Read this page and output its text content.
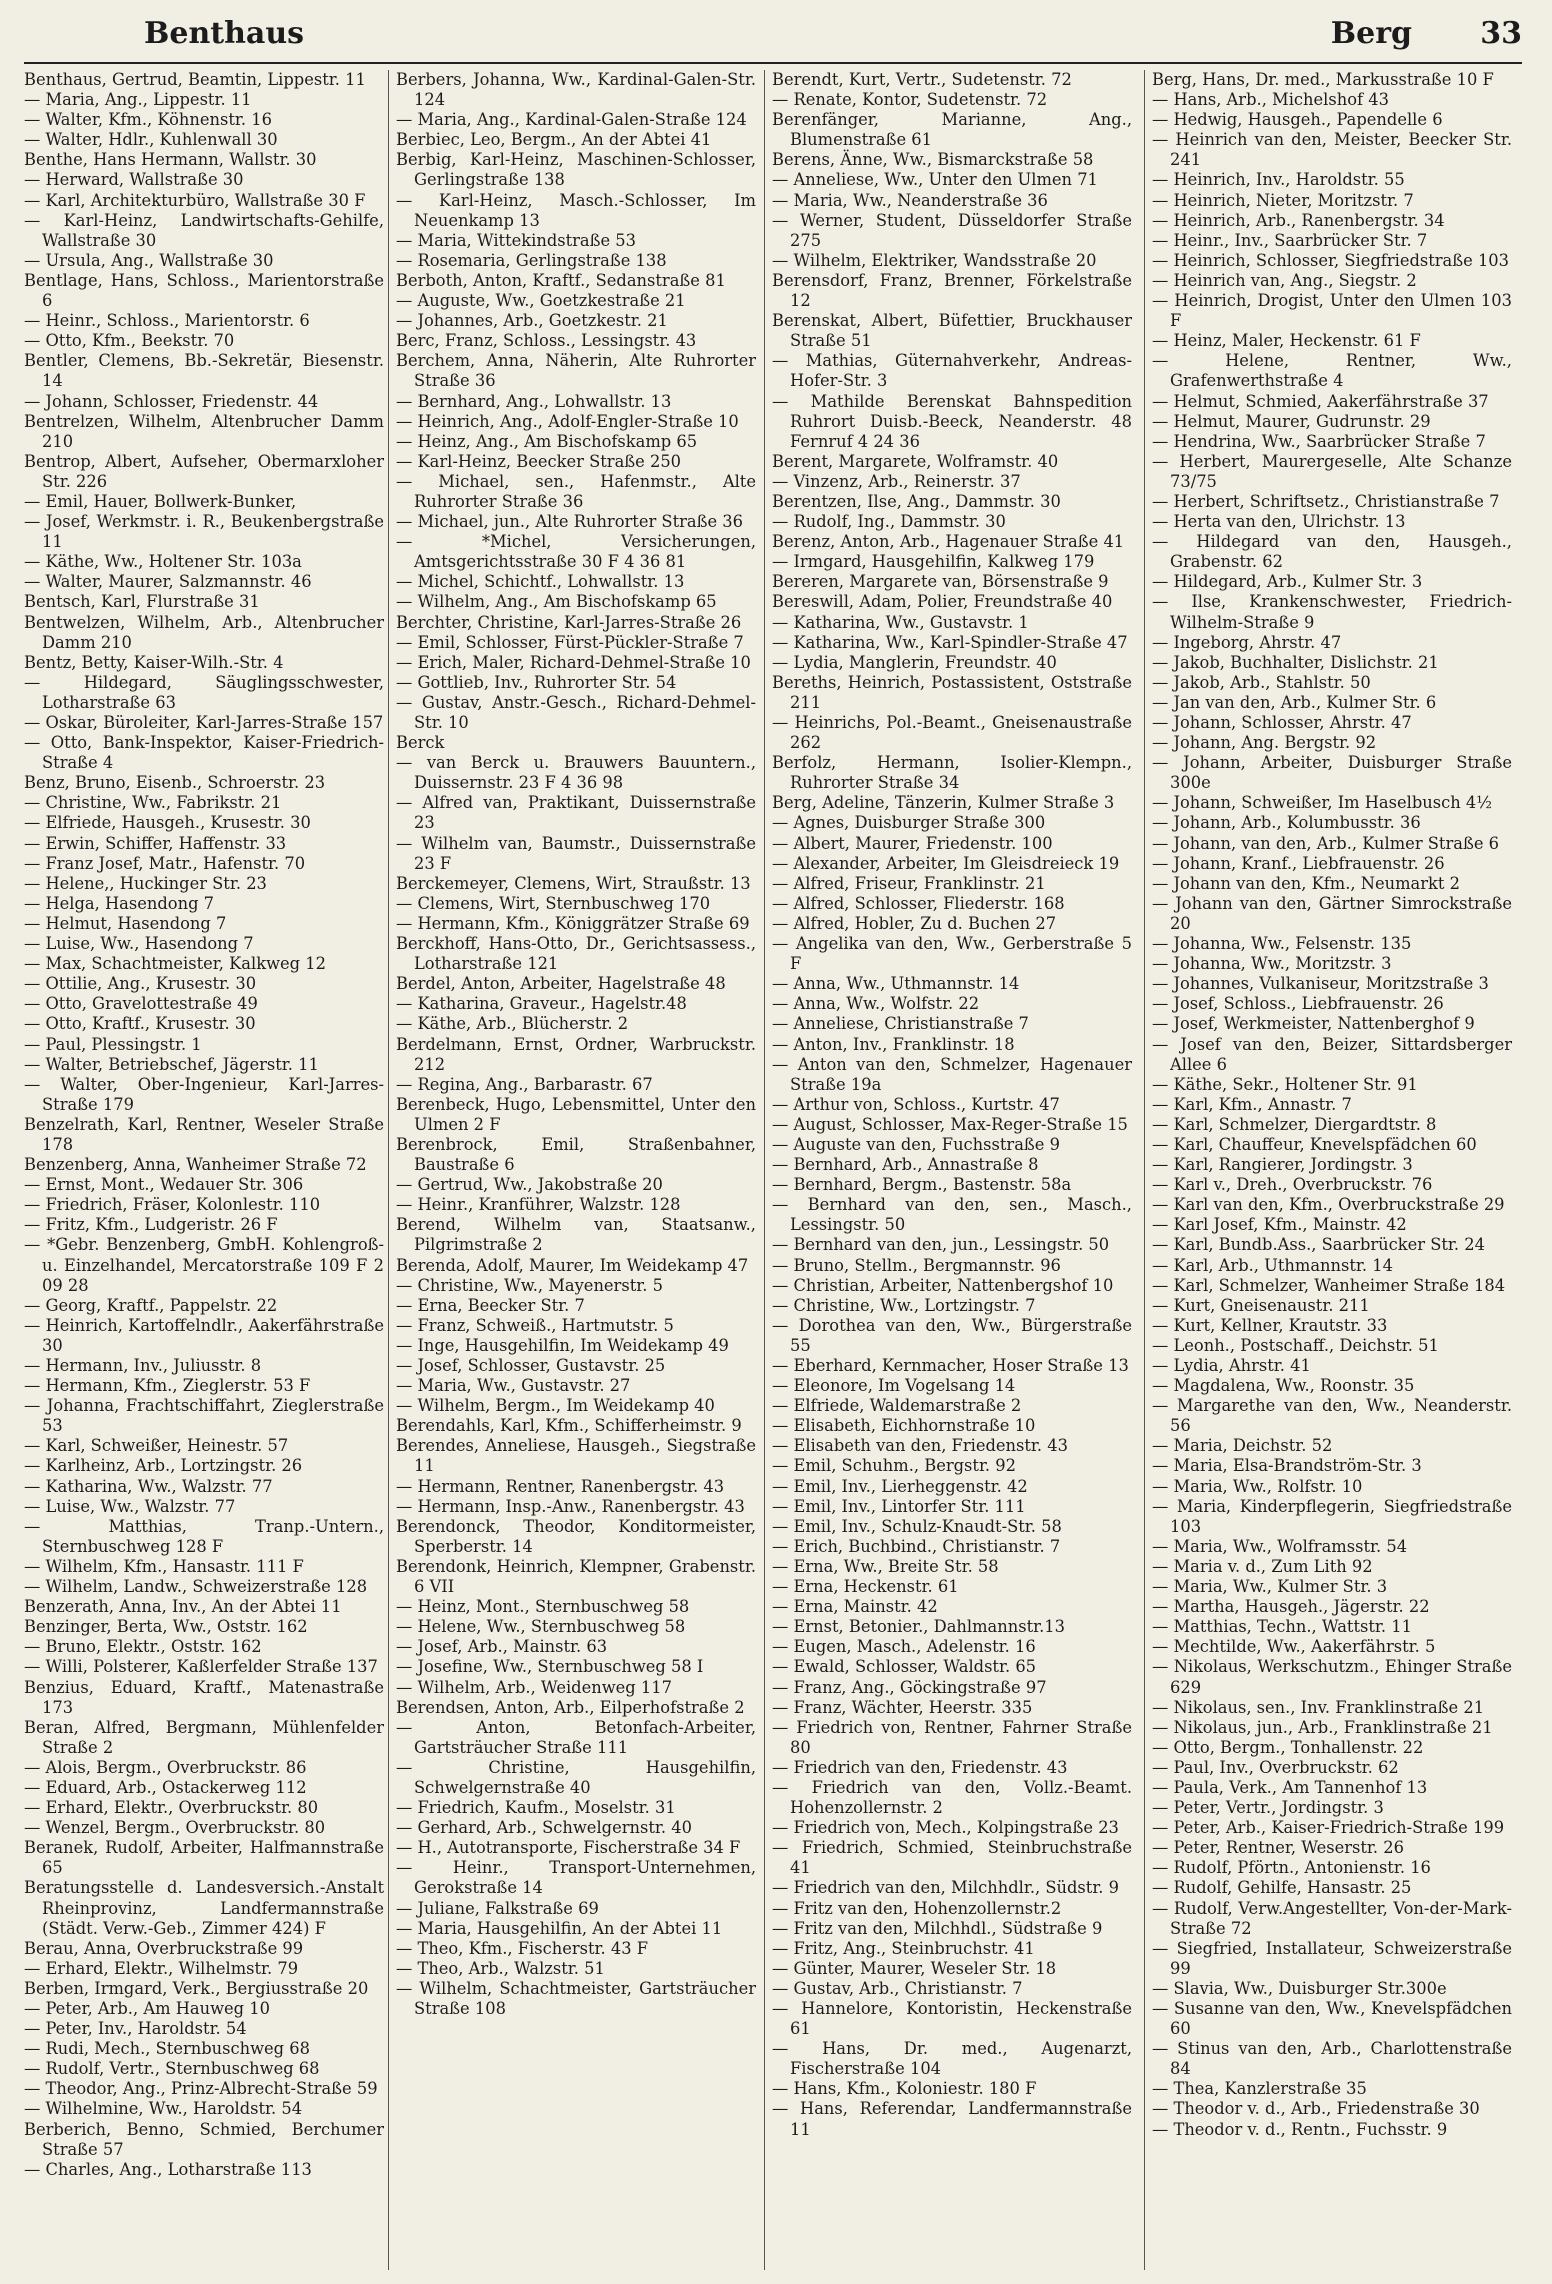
Benthaus	Berg 33
Benthaus, Gertrud, Beamtin, Lippestr. 11
— Maria, Ang., Lippestr. 11
— Walter, Kfm., Köhnenstr. 16
— Walter, Hdlr., Kuhlenwall 30
Benthe, Hans Hermann, Wallstr. 30
— Herward, Wallstraße 30
— Karl, Architekturbüro, Wallstraße 30 F
— Karl-Heinz, Landwirtschafts-Gehilfe, Wallstraße 30
— Ursula, Ang., Wallstraße 30
Bentlage, Hans, Schloss., Marientorstraße 6
— Heinr., Schloss., Marientorstr. 6
— Otto, Kfm., Beekstr. 70
Bentler, Clemens, Bb.-Sekretär, Biesenstr. 14
— Johann, Schlosser, Friedenstr. 44
Bentrelzen, Wilhelm, Altenbrucher Damm 210
Bentrop, Albert, Aufseher, Obermarxloher Str. 226
— Emil, Hauer, Bollwerk-Bunker,
— Josef, Werkmstr. i. R., Beukenbergstraße 11
— Käthe, Ww., Holtener Str. 103a
— Walter, Maurer, Salzmannstr. 46
Bentsch, Karl, Flurstraße 31
Bentwelzen, Wilhelm, Arb., Altenbrucher Damm 210
Bentz, Betty, Kaiser-Wilh.-Str. 4
— Hildegard, Säuglingsschwester, Lotharstraße 63
— Oskar, Büroleiter, Karl-Jarres-Straße 157
— Otto, Bank-Inspektor, Kaiser-Friedrich-Straße 4
Benz, Bruno, Eisenb., Schroerstr. 23
— Christine, Ww., Fabrikstr. 21
— Elfriede, Hausgeh., Krusestr. 30
— Erwin, Schiffer, Haffenstr. 33
— Franz Josef, Matr., Hafenstr. 70
— Helene,, Huckinger Str. 23
— Helga, Hasendong 7
— Helmut, Hasendong 7
— Luise, Ww., Hasendong 7
— Max, Schachtmeister, Kalkweg 12
— Ottilie, Ang., Krusestr. 30
— Otto, Gravelottestraße 49
— Otto, Kraftf., Krusestr. 30
— Paul, Plessingstr. 1
— Walter, Betriebschef, Jägerstr. 11
— Walter, Ober-Ingenieur, Karl-Jarres-Straße 179
Benzelrath, Karl, Rentner, Weseler Straße 178
Benzenberg, Anna, Wanheimer Straße 72
— Ernst, Mont., Wedauer Str. 306
— Friedrich, Fräser, Kolonlestr. 110
— Fritz, Kfm., Ludgeristr. 26 F
— *Gebr. Benzenberg, GmbH. Kohlengroß- u. Einzelhandel, Mercatorstraße 109 F 2 09 28
— Georg, Kraftf., Pappelstr. 22
— Heinrich, Kartoffelndlr., Aakerfährstraße 30
— Hermann, Inv., Juliusstr. 8
— Hermann, Kfm., Zieglerstr. 53 F
— Johanna, Frachtschiffahrt, Zieglerstraße 53
— Karl, Schweißer, Heinestr. 57
— Karlheinz, Arb., Lortzingstr. 26
— Katharina, Ww., Walzstr. 77
— Luise, Ww., Walzstr. 77
— Matthias, Tranp.-Untern., Sternbuschweg 128 F
— Wilhelm, Kfm., Hansastr. 111 F
— Wilhelm, Landw., Schweizerstraße 128
Benzerath, Anna, Inv., An der Abtei 11
Benzinger, Berta, Ww., Oststr. 162
— Bruno, Elektr., Oststr. 162
— Willi, Polsterer, Kaßlerfelder Straße 137
Benzius, Eduard, Kraftf., Matenastraße 173
Beran, Alfred, Bergmann, Mühlenfelder Straße 2
— Alois, Bergm., Overbruckstr. 86
— Eduard, Arb., Ostackerweg 112
— Erhard, Elektr., Overbruckstr. 80
— Wenzel, Bergm., Overbruckstr. 80
Beranek, Rudolf, Arbeiter, Halfmannstraße 65
Beratungsstelle d. Landesversich.-Anstalt Rheinprovinz, Landfermannstraße (Städt. Verw.-Geb., Zimmer 424) F
Berau, Anna, Overbruckstraße 99
— Erhard, Elektr., Wilhelmstr. 79
Berben, Irmgard, Verk., Bergiusstraße 20
— Peter, Arb., Am Hauweg 10
— Peter, Inv., Haroldstr. 54
— Rudi, Mech., Sternbuschweg 68
— Rudolf, Vertr., Sternbuschweg 68
— Theodor, Ang., Prinz-Albrecht-Straße 59
— Wilhelmine, Ww., Haroldstr. 54
Berberich, Benno, Schmied, Berchumer Straße 57
— Charles, Ang., Lotharstraße 113
Berbers, Johanna, Ww., Kardinal-Galen-Str. 124
— Maria, Ang., Kardinal-Galen-Straße 124
Berbiec, Leo, Bergm., An der Abtei 41
Berbig, Karl-Heinz, Maschinen-Schlosser, Gerlingstraße 138
— Karl-Heinz, Masch.-Schlosser, Im Neuenkamp 13
— Maria, Wittekindstraße 53
— Rosemaria, Gerlingstraße 138
Berboth, Anton, Kraftf., Sedanstraße 81
— Auguste, Ww., Goetzkestraße 21
— Johannes, Arb., Goetzkestr. 21
Berc, Franz, Schloss., Lessingstr. 43
Berchem, Anna, Näherin, Alte Ruhrorter Straße 36
— Bernhard, Ang., Lohwallstr. 13
— Heinrich, Ang., Adolf-Engler-Straße 10
— Heinz, Ang., Am Bischofskamp 65
— Karl-Heinz, Beecker Straße 250
— Michael, sen., Hafenmstr., Alte Ruhrorter Straße 36
— Michael, jun., Alte Ruhrorter Straße 36
— *Michel, Versicherungen, Amtsgerichtsstraße 30 F 4 36 81
— Michel, Schichtf., Lohwallstr. 13
— Wilhelm, Ang., Am Bischofskamp 65
Berchter, Christine, Karl-Jarres-Straße 26
— Emil, Schlosser, Fürst-Pückler-Straße 7
— Erich, Maler, Richard-Dehmel-Straße 10
— Gottlieb, Inv., Ruhrorter Str. 54
— Gustav, Anstr.-Gesch., Richard-Dehmel-Str. 10
Berck
— van Berck u. Brauwers Bauuntern., Duissernstr. 23 F 4 36 98
— Alfred van, Praktikant, Duissernstraße 23
— Wilhelm van, Baumstr., Duissernstraße 23 F
Berckemeyer, Clemens, Wirt, Straußstr. 13
— Clemens, Wirt, Sternbuschweg 170
— Hermann, Kfm., Königgrätzer Straße 69
Berckhoff, Hans-Otto, Dr., Gerichtsassess., Lotharstraße 121
Berdel, Anton, Arbeiter, Hagelstraße 48
— Katharina, Graveur., Hagelstr.48
— Käthe, Arb., Blücherstr. 2
Berdelmann, Ernst, Ordner, Warbruckstr. 212
— Regina, Ang., Barbarastr. 67
Berenbeck, Hugo, Lebensmittel, Unter den Ulmen 2 F
Berenbrock, Emil, Straßenbahner, Baustraße 6
— Gertrud, Ww., Jakobstraße 20
— Heinr., Kranführer, Walzstr. 128
Berend, Wilhelm van, Staatsanw., Pilgrimstraße 2
Berenda, Adolf, Maurer, Im Weidekamp 47
— Christine, Ww., Mayenerstr. 5
— Erna, Beecker Str. 7
— Franz, Schweiß., Hartmutstr. 5
— Inge, Hausgehilfin, Im Weidekamp 49
— Josef, Schlosser, Gustavstr. 25
— Maria, Ww., Gustavstr. 27
— Wilhelm, Bergm., Im Weidekamp 40
Berendahls, Karl, Kfm., Schifferheimstr. 9
Berendes, Anneliese, Hausgeh., Siegstraße 11
— Hermann, Rentner, Ranenbergstr. 43
— Hermann, Insp.-Anw., Ranenbergstr. 43
Berendonck, Theodor, Konditormeister, Sperberstr. 14
Berendonk, Heinrich, Klempner, Grabenstr. 6 VII
— Heinz, Mont., Sternbuschweg 58
— Helene, Ww., Sternbuschweg 58
— Josef, Arb., Mainstr. 63
— Josefine, Ww., Sternbuschweg 58 I
— Wilhelm, Arb., Weidenweg 117
Berendsen, Anton, Arb., Eilperhofstraße 2
— Anton, Betonfach-Arbeiter, Gartsträucher Straße 111
— Christine, Hausgehilfin, Schwelgernstraße 40
— Friedrich, Kaufm., Moselstr. 31
— Gerhard, Arb., Schwelgernstr. 40
— H., Autotransporte, Fischerstraße 34 F
— Heinr., Transport-Unternehmen, Gerokstraße 14
— Juliane, Falkstraße 69
— Maria, Hausgehilfin, An der Abtei 11
— Theo, Kfm., Fischerstr. 43 F
— Theo, Arb., Walzstr. 51
— Wilhelm, Schachtmeister, Gartsträucher Straße 108
Berendt, Kurt, Vertr., Sudetenstr. 72
— Renate, Kontor, Sudetenstr. 72
Berenfänger, Marianne, Ang., Blumenstraße 61
Berens, Änne, Ww., Bismarckstraße 58
— Anneliese, Ww., Unter den Ulmen 71
— Maria, Ww., Neanderstraße 36
— Werner, Student, Düsseldorfer Straße 275
— Wilhelm, Elektriker, Wandsstraße 20
Berensdorf, Franz, Brenner, Förkelstraße 12
Berenskat, Albert, Büfettier, Bruckhauser Straße 51
— Mathias, Güternahverkehr, Andreas-Hofer-Str. 3
— Mathilde Berenskat Bahnspedition Ruhrort Duisb.-Beeck, Neanderstr. 48 Fernruf 4 24 36
Berent, Margarete, Wolframstr. 40
— Vinzenz, Arb., Reinerstr. 37
Berentzen, Ilse, Ang., Dammstr. 30
— Rudolf, Ing., Dammstr. 30
Berenz, Anton, Arb., Hagenauer Straße 41
— Irmgard, Hausgehilfin, Kalkweg 179
Bereren, Margarete van, Börsenstraße 9
Bereswill, Adam, Polier, Freundstraße 40
— Katharina, Ww., Gustavstr. 1
— Katharina, Ww., Karl-Spindler-Straße 47
— Lydia, Manglerin, Freundstr. 40
Bereths, Heinrich, Postassistent, Oststraße 211
— Heinrichs, Pol.-Beamt., Gneisenaustraße 262
Berfolz, Hermann, Isolier-Klempn., Ruhrorter Straße 34
Berg, Adeline, Tänzerin, Kulmer Straße 3
— Agnes, Duisburger Straße 300
— Albert, Maurer, Friedenstr. 100
— Alexander, Arbeiter, Im Gleisdreieck 19
— Alfred, Friseur, Franklinstr. 21
— Alfred, Schlosser, Fliederstr. 168
— Alfred, Hobler, Zu d. Buchen 27
— Angelika van den, Ww., Gerberstraße 5 F
— Anna, Ww., Uthmannstr. 14
— Anna, Ww., Wolfstr. 22
— Anneliese, Christianstraße 7
— Anton, Inv., Franklinstr. 18
— Anton van den, Schmelzer, Hagenauer Straße 19a
— Arthur von, Schloss., Kurtstr. 47
— August, Schlosser, Max-Reger-Straße 15
— Auguste van den, Fuchsstraße 9
— Bernhard, Arb., Annastraße 8
— Bernhard, Bergm., Bastenstr. 58a
— Bernhard van den, sen., Masch., Lessingstr. 50
— Bernhard van den, jun., Lessingstr. 50
— Bruno, Stellm., Bergmannstr. 96
— Christian, Arbeiter, Nattenbergshof 10
— Christine, Ww., Lortzingstr. 7
— Dorothea van den, Ww., Bürgerstraße 55
— Eberhard, Kernmacher, Hoser Straße 13
— Eleonore, Im Vogelsang 14
— Elfriede, Waldemarstraße 2
— Elisabeth, Eichhornstraße 10
— Elisabeth van den, Friedenstr. 43
— Emil, Schuhm., Bergstr. 92
— Emil, Inv., Lierheggenstr. 42
— Emil, Inv., Lintorfer Str. 111
— Emil, Inv., Schulz-Knaudt-Str. 58
— Erich, Buchbind., Christianstr. 7
— Erna, Ww., Breite Str. 58
— Erna, Heckenstr. 61
— Erna, Mainstr. 42
— Ernst, Betonier., Dahlmannstr.13
— Eugen, Masch., Adelenstr. 16
— Ewald, Schlosser, Waldstr. 65
— Franz, Ang., Göckingstraße 97
— Franz, Wächter, Heerstr. 335
— Friedrich von, Rentner, Fahrner Straße 80
— Friedrich van den, Friedenstr. 43
— Friedrich van den, Vollz.-Beamt. Hohenzollernstr. 2
— Friedrich von, Mech., Kolpingstraße 23
— Friedrich, Schmied, Steinbruchstraße 41
— Friedrich van den, Milchhdlr., Südstr. 9
— Fritz van den, Hohenzollernstr.2
— Fritz van den, Milchhdl., Südstraße 9
— Fritz, Ang., Steinbruchstr. 41
— Günter, Maurer, Weseler Str. 18
— Gustav, Arb., Christianstr. 7
— Hannelore, Kontoristin, Heckenstraße 61
— Hans, Dr. med., Augenarzt, Fischerstraße 104
— Hans, Kfm., Koloniestr. 180 F
— Hans, Referendar, Landfermannstraße 11
Berg, Hans, Dr. med., Markusstraße 10 F
— Hans, Arb., Michelshof 43
— Hedwig, Hausgeh., Papendelle 6
— Heinrich van den, Meister, Beecker Str. 241
— Heinrich, Inv., Haroldstr. 55
— Heinrich, Nieter, Moritzstr. 7
— Heinrich, Arb., Ranenbergstr. 34
— Heinr., Inv., Saarbrücker Str. 7
— Heinrich, Schlosser, Siegfriedstraße 103
— Heinrich van, Ang., Siegstr. 2
— Heinrich, Drogist, Unter den Ulmen 103 F
— Heinz, Maler, Heckenstr. 61 F
— Helene, Rentner, Ww., Grafenwerthstraße 4
— Helmut, Schmied, Aakerfährstraße 37
— Helmut, Maurer, Gudrunstr. 29
— Hendrina, Ww., Saarbrücker Straße 7
— Herbert, Maurergeselle, Alte Schanze 73/75
— Herbert, Schriftsetz., Christianstraße 7
— Herta van den, Ulrichstr. 13
— Hildegard van den, Hausgeh., Grabenstr. 62
— Hildegard, Arb., Kulmer Str. 3
— Ilse, Krankenschwester, Friedrich-Wilhelm-Straße 9
— Ingeborg, Ahrstr. 47
— Jakob, Buchhalter, Dislichstr. 21
— Jakob, Arb., Stahlstr. 50
— Jan van den, Arb., Kulmer Str. 6
— Johann, Schlosser, Ahrstr. 47
— Johann, Ang. Bergstr. 92
— Johann, Arbeiter, Duisburger Straße 300e
— Johann, Schweißer, Im Haselbusch 4½
— Johann, Arb., Kolumbusstr. 36
— Johann, van den, Arb., Kulmer Straße 6
— Johann, Kranf., Liebfrauenstr. 26
— Johann van den, Kfm., Neumarkt 2
— Johann van den, Gärtner Simrockstraße 20
— Johanna, Ww., Felsenstr. 135
— Johanna, Ww., Moritzstr. 3
— Johannes, Vulkaniseur, Moritzstraße 3
— Josef, Schloss., Liebfrauenstr. 26
— Josef, Werkmeister, Nattenberghof 9
— Josef van den, Beizer, Sittardsberger Allee 6
— Käthe, Sekr., Holtener Str. 91
— Karl, Kfm., Annastr. 7
— Karl, Schmelzer, Diergardtstr. 8
— Karl, Chauffeur, Knevelspfädchen 60
— Karl, Rangierer, Jordingstr. 3
— Karl v., Dreh., Overbruckstr. 76
— Karl van den, Kfm., Overbruckstraße 29
— Karl Josef, Kfm., Mainstr. 42
— Karl, Bundb.Ass., Saarbrücker Str. 24
— Karl, Arb., Uthmannstr. 14
— Karl, Schmelzer, Wanheimer Straße 184
— Kurt, Gneisenaustr. 211
— Kurt, Kellner, Krautstr. 33
— Leonh., Postschaff., Deichstr. 51
— Lydia, Ahrstr. 41
— Magdalena, Ww., Roonstr. 35
— Margarethe van den, Ww., Neanderstr. 56
— Maria, Deichstr. 52
— Maria, Elsa-Brandström-Str. 3
— Maria, Ww., Rolfstr. 10
— Maria, Kinderpflegerin, Siegfriedstraße 103
— Maria, Ww., Wolframsstr. 54
— Maria v. d., Zum Lith 92
— Maria, Ww., Kulmer Str. 3
— Martha, Hausgeh., Jägerstr. 22
— Matthias, Techn., Wattstr. 11
— Mechtilde, Ww., Aakerfährstr. 5
— Nikolaus, Werkschutzm., Ehinger Straße 629
— Nikolaus, sen., Inv. Franklinstraße 21
— Nikolaus, jun., Arb., Franklinstraße 21
— Otto, Bergm., Tonhallenstr. 22
— Paul, Inv., Overbruckstr. 62
— Paula, Verk., Am Tannenhof 13
— Peter, Vertr., Jordingstr. 3
— Peter, Arb., Kaiser-Friedrich-Straße 199
— Peter, Rentner, Weserstr. 26
— Rudolf, Pförtn., Antonienstr. 16
— Rudolf, Gehilfe, Hansastr. 25
— Rudolf, Verw.Angestellter, Von-der-Mark-Straße 72
— Siegfried, Installateur, Schweizerstraße 99
— Slavia, Ww., Duisburger Str.300e
— Susanne van den, Ww., Knevelspfädchen 60
— Stinus van den, Arb., Charlottenstraße 84
— Thea, Kanzlerstraße 35
— Theodor v. d., Arb., Friedenstraße 30
— Theodor v. d., Rentn., Fuchsstr. 9
